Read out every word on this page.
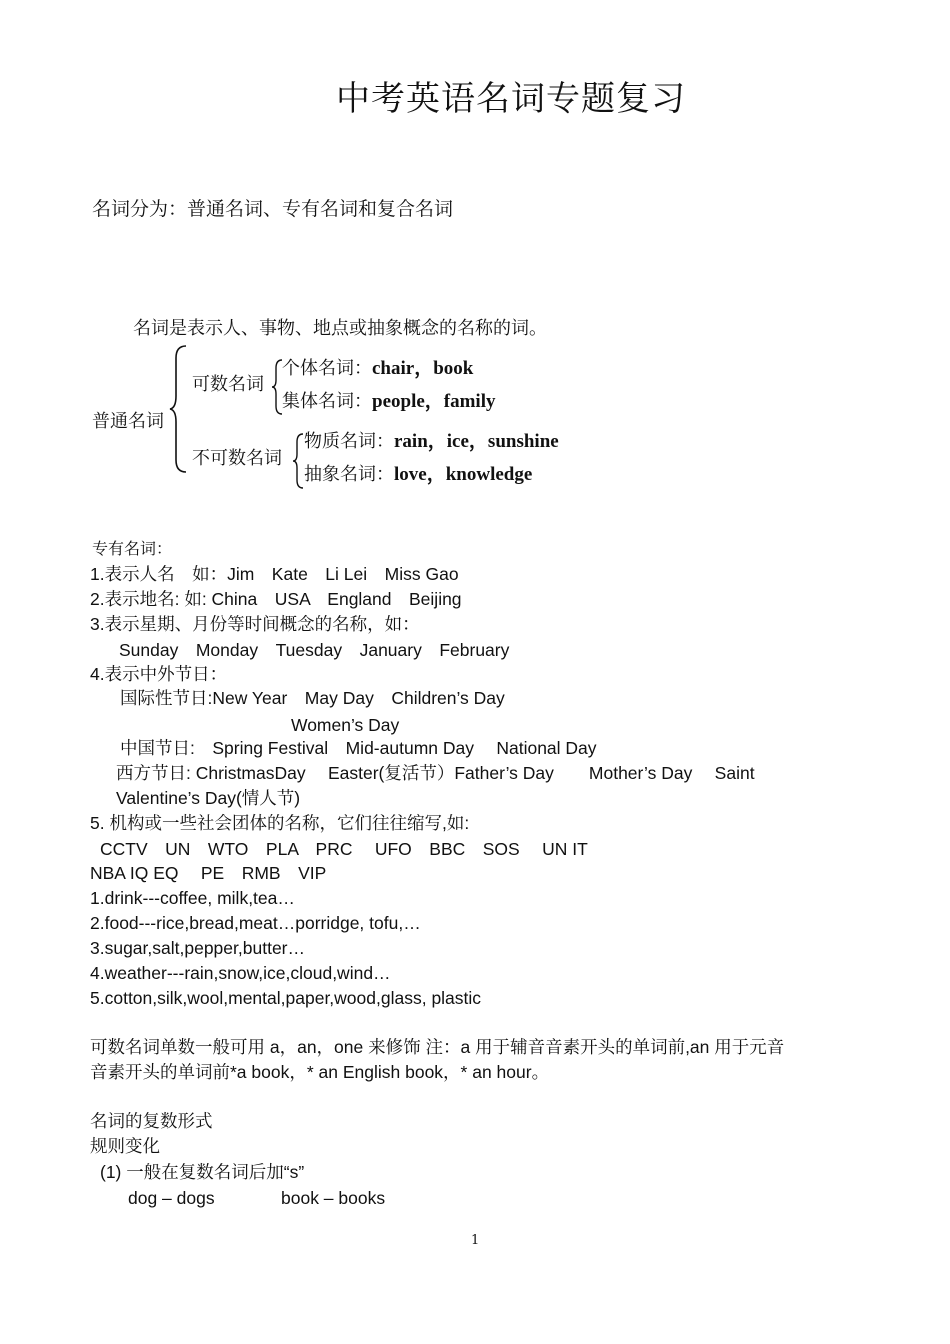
中考英语名词专题复习
名词分为：普通名词、专有名词和复合名词
名词是表示人、事物、地点或抽象概念的名称的词。
普通名词
可数名词
不可数名词
个体名词：chair，book
集体名词：people，family
物质名词：rain，ice，sunshine
抽象名词：love，knowledge
专有名词：
1.表示人名　如：Jim　Kate　Li Lei　Miss Gao
2.表示地名: 如: China　USA　England　Beijing
3.表示星期、月份等时间概念的名称，如：
Sunday　Monday　Tuesday　January　February
4.表示中外节日：
国际性节日:New Year　May Day　Children’s Day
Women’s Day
中国节日:　Spring Festival　Mid-autumn Day　 National Day
西方节日: ChristmasDay　 Easter(复活节）Father’s Day　　Mother’s Day　 Saint
Valentine’s Day(情人节)
5. 机构或一些社会团体的名称，它们往往缩写,如:
CCTV　UN　WTO　PLA　PRC　 UFO　BBC　SOS　 UN IT
NBA IQ EQ　 PE　RMB　VIP
1.drink---coffee, milk,tea…
2.food---rice,bread,meat…porridge, tofu,…
3.sugar,salt,pepper,butter…
4.weather---rain,snow,ice,cloud,wind…
5.cotton,silk,wool,mental,paper,wood,glass, plastic
可数名词单数一般可用 a，an，one 来修饰 注：a 用于辅音音素开头的单词前,an 用于元音
音素开头的单词前*a book，* an English book，* an hour。
名词的复数形式
规则变化
(1) 一般在复数名词后加“s”
dog – dogs	book – books
1
